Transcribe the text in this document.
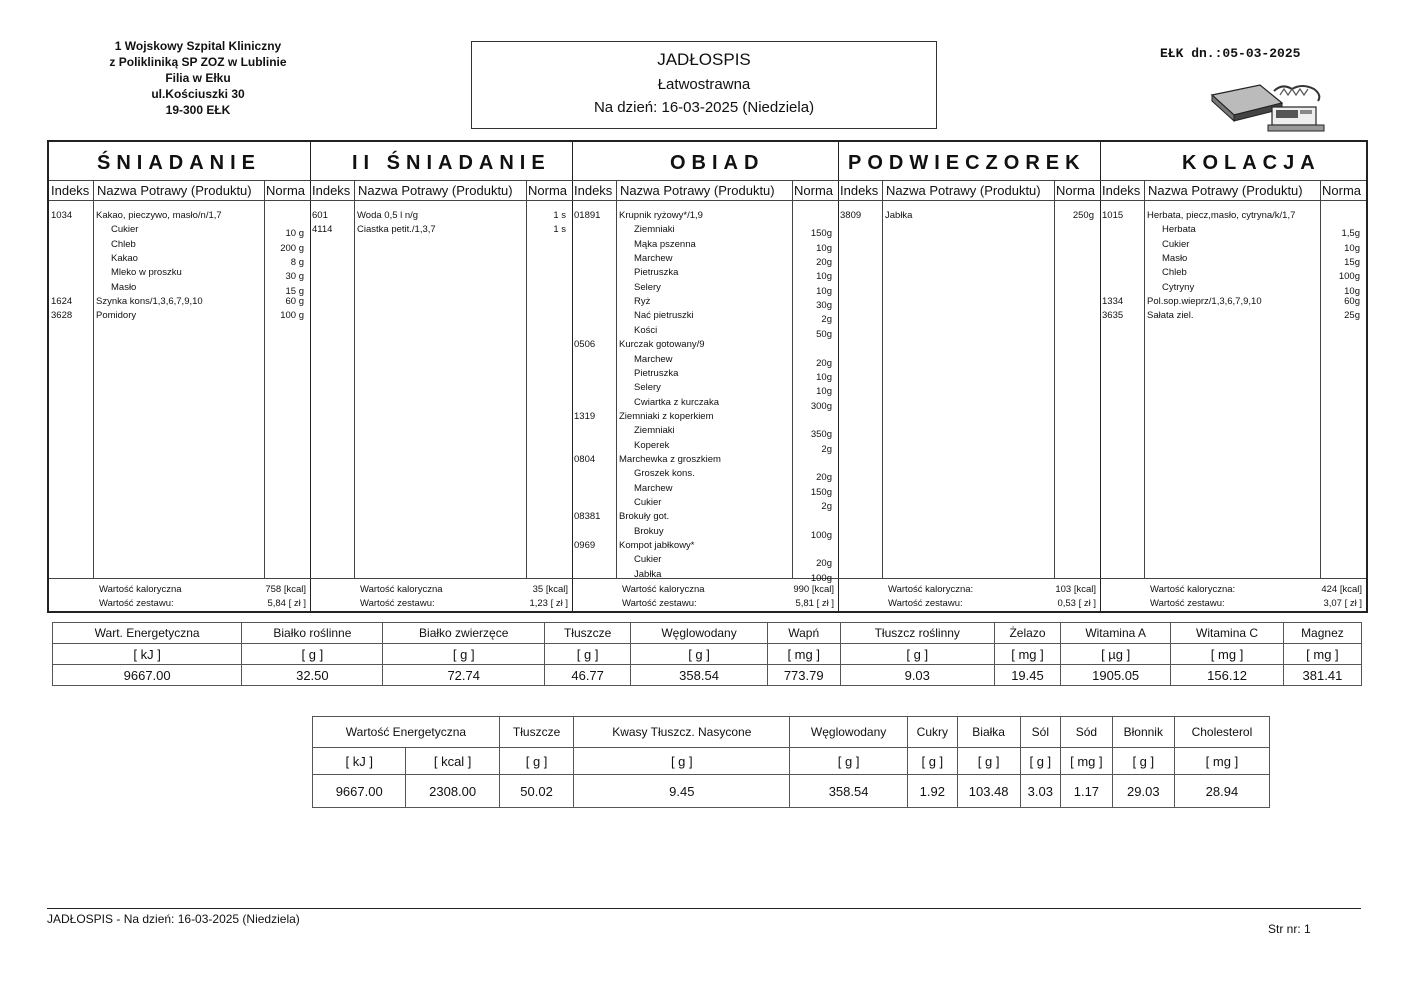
1 Wojskowy Szpital Kliniczny
z Polikliniką SP ZOZ w Lublinie
Filia w Ełku
ul.Kościuszki 30
19-300 EŁK
JADŁOSPIS
Łatwostrawna
Na dzień: 16-03-2025 (Niedziela)
EŁK dn.:05-03-2025
ŚNIADANIE
Indeks Nazwa Potrawy (Produktu)	Norma
1034	Kakao, pieczywo, masło/n/1,7
Cukier	10 g
Chleb	200 g
Kakao	8 g
Mleko w proszku	30 g
Masło	15 g
1624	Szynka kons/1,3,6,7,9,10	60 g
3628	Pomidory	100 g
Wartość kaloryczna	758 [kcal]
Wartość zestawu:	5,84 [ zł ]
II ŚNIADANIE
Indeks Nazwa Potrawy (Produktu)	Norma
601	Woda 0,5 l n/g	1 s
4114	Ciastka petit./1,3,7	1 s
Wartość kaloryczna	35 [kcal]
Wartość zestawu:	1,23 [ zł ]
OBIAD
Indeks Nazwa Potrawy (Produktu)	Norma
01891	Krupnik ryżowy*/1,9
Ziemniaki	150g
Mąka pszenna	10g
Marchew	20g
Pietruszka	10g
Selery	10g
Ryż	30g
Nać pietruszki	2g
Kości	50g
0506	Kurczak gotowany/9
Marchew	20g
Pietruszka	10g
Selery	10g
Cwiartka z kurczaka	300g
1319	Ziemniaki z koperkiem
Ziemniaki	350g
Koperek	2g
0804	Marchewka z groszkiem
Groszek kons.	20g
Marchew	150g
Cukier	2g
08381	Brokuły got.
Brokuy	100g
0969	Kompot jabłkowy*
Cukier	20g
Jabłka	100g
Wartość kaloryczna	990 [kcal]
Wartość zestawu:	5,81 [ zł ]
PODWIECZOREK
Indeks Nazwa Potrawy (Produktu)	Norma
3809	Jabłka	250g
Wartość kaloryczna:	103 [kcal]
Wartość zestawu:	0,53 [ zł ]
KOLACJA
Indeks Nazwa Potrawy (Produktu)	Norma
1015	Herbata, piecz,masło, cytryna/k/1,7
Herbata	1,5g
Cukier	10g
Masło	15g
Chleb	100g
Cytryny	10g
1334	Pol.sop.wieprz/1,3,6,7,9,10	60g
3635	Sałata ziel.	25g
Wartość kaloryczna:	424 [kcal]
Wartość zestawu:	3,07 [ zł ]
Wart. Energetyczna	Białko roślinne	Białko zwierzęce	Tłuszcze	Węglowodany	Wapń	Tłuszcz roślinny	Żelazo	Witamina A	Witamina C	Magnez
[ kJ ]	[ g ]	[ g ]	[ g ]	[ g ]	[ mg ]	[ g ]	[ mg ]	[ µg ]	[ mg ]	[ mg ]
9667.00	32.50	72.74	46.77	358.54	773.79	9.03	19.45	1905.05	156.12	381.41
Wartość Energetyczna		Tłuszcze	Kwasy Tłuszcz. Nasycone	Węglowodany	Cukry	Białka	Sól	Sód	Błonnik	Cholesterol
[ kJ ]	[ kcal ]	[ g ]	[ g ]	[ g ]	[ g ]	[ g ]	[ g ]	[ mg ]	[ g ]	[ mg ]
9667.00	2308.00	50.02	9.45	358.54	1.92	103.48	3.03	1.17	29.03	28.94
JADŁOSPIS - Na dzień: 16-03-2025 (Niedziela)
Str nr: 1
